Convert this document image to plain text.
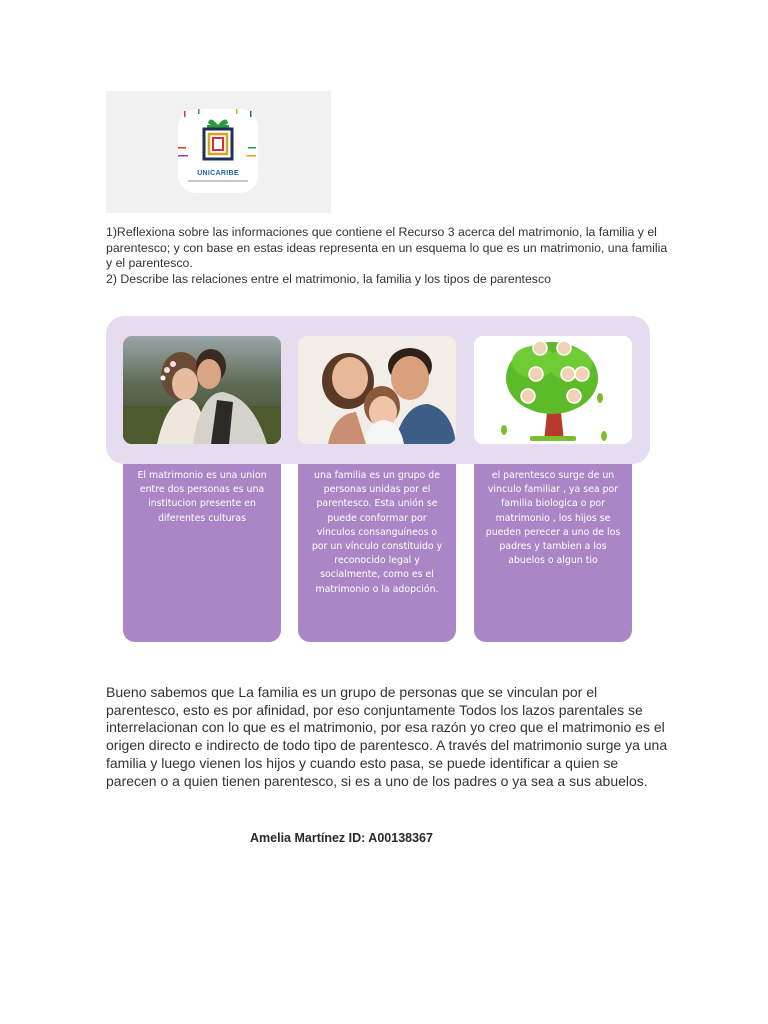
UNICARIBE

1)Reflexiona sobre las informaciones que contiene el Recurso 3 acerca del matrimonio, la familia y el parentesco; y con base en estas ideas representa en un esquema lo que es un matrimonio, una familia y el parentesco.

2) Describe las relaciones entre el matrimonio, la familia y los tipos de parentesco

El matrimonio es una union entre dos personas es una institucion presente en diferentes culturas
una familia es un grupo de personas unidas por el parentesco. Esta unión se puede conformar por vínculos consanguíneos o por un vínculo constituido y reconocido legal y socialmente, como es el matrimonio o la adopción.
el parentesco surge de un vinculo familiar , ya sea por familia biologica o por matrimonio , los hijos se pueden perecer a uno de los padres y tambien a los abuelos o algun tio

Bueno sabemos que La familia es un grupo de personas que se vinculan por el parentesco, esto es por afinidad, por eso conjuntamente Todos los lazos parentales se interrelacionan con lo que es el matrimonio, por esa razón yo creo que el matrimonio es el origen directo e indirecto de todo tipo de parentesco. A través del matrimonio surge ya una familia y luego vienen los hijos y cuando esto pasa, se puede identificar a quien se parecen o a quien tienen parentesco, si es a uno de los padres o ya sea a sus abuelos.

Amelia Martínez ID: A00138367
